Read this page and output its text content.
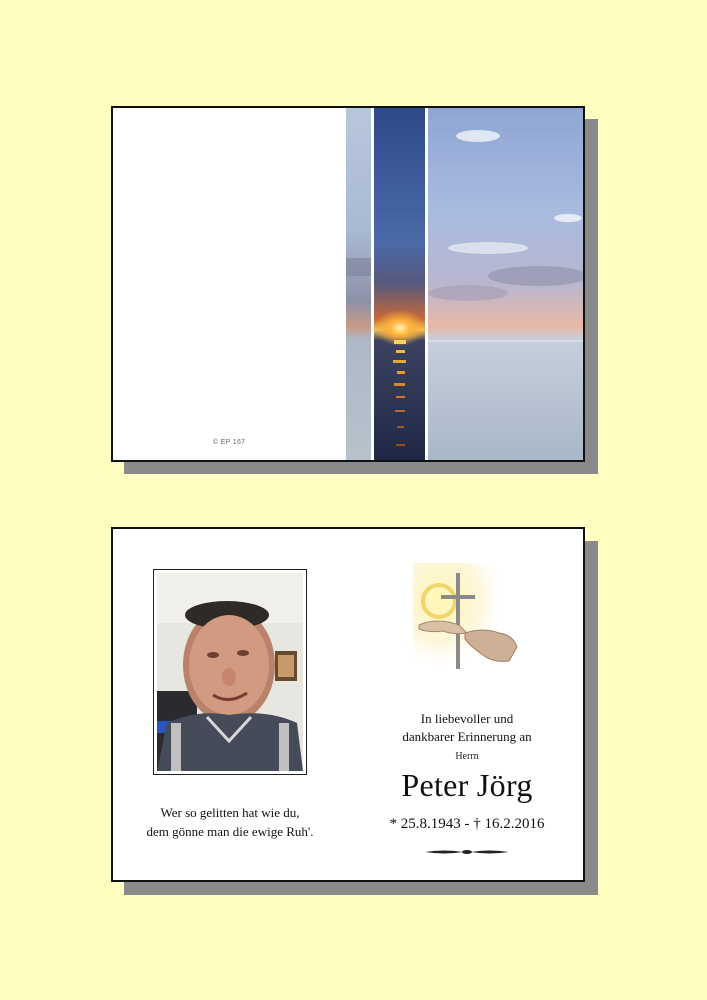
© EP 167
Wer so gelitten hat wie du,
dem gönne man die ewige Ruh'.
In liebevoller und
dankbarer Erinnerung an
Herrn
Peter Jörg
* 25.8.1943 - † 16.2.2016
